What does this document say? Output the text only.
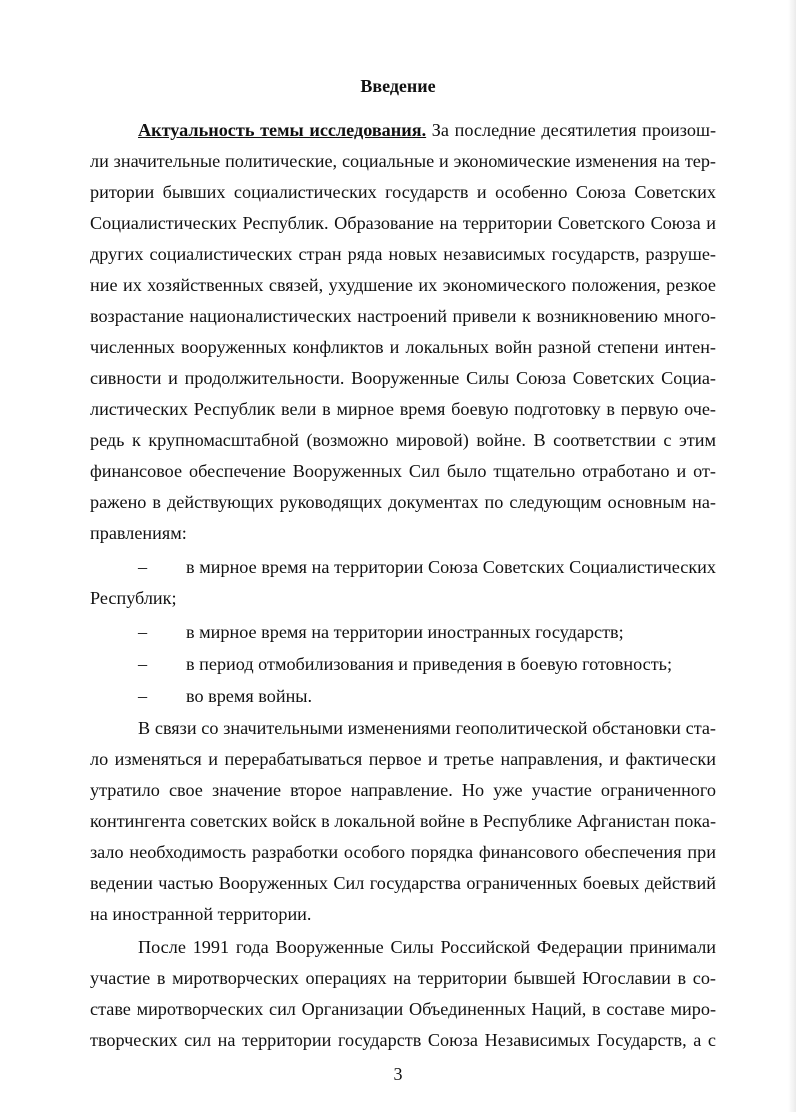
Введение
Актуальность темы исследования. За последние десятилетия произош-
ли значительные политические, социальные и экономические изменения на тер-
ритории бывших социалистических государств и особенно Союза Советских
Социалистических Республик. Образование на территории Советского Союза и
других социалистических стран ряда новых независимых государств, разруше-
ние их хозяйственных связей, ухудшение их экономического положения, резкое
возрастание националистических настроений привели к возникновению много-
численных вооруженных конфликтов и локальных войн разной степени интен-
сивности и продолжительности. Вооруженные Силы Союза Советских Социа-
листических Республик вели в мирное время боевую подготовку в первую оче-
редь к крупномасштабной (возможно мировой) войне. В соответствии с этим
финансовое обеспечение Вооруженных Сил было тщательно отработано и от-
ражено в действующих руководящих документах по следующим основным на-
правлениям:
– в мирное время на территории Союза Советских Социалистических
Республик;
– в мирное время на территории иностранных государств;
– в период отмобилизования и приведения в боевую готовность;
– во время войны.
В связи со значительными изменениями геополитической обстановки ста-
ло изменяться и перерабатываться первое и третье направления, и фактически
утратило свое значение второе направление. Но уже участие ограниченного
контингента советских войск в локальной войне в Республике Афганистан пока-
зало необходимость разработки особого порядка финансового обеспечения при
ведении частью Вооруженных Сил государства ограниченных боевых действий
на иностранной территории.
После 1991 года Вооруженные Силы Российской Федерации принимали
участие в миротворческих операциях на территории бывшей Югославии в со-
ставе миротворческих сил Организации Объединенных Наций, в составе миро-
творческих сил на территории государств Союза Независимых Государств, а с
3
